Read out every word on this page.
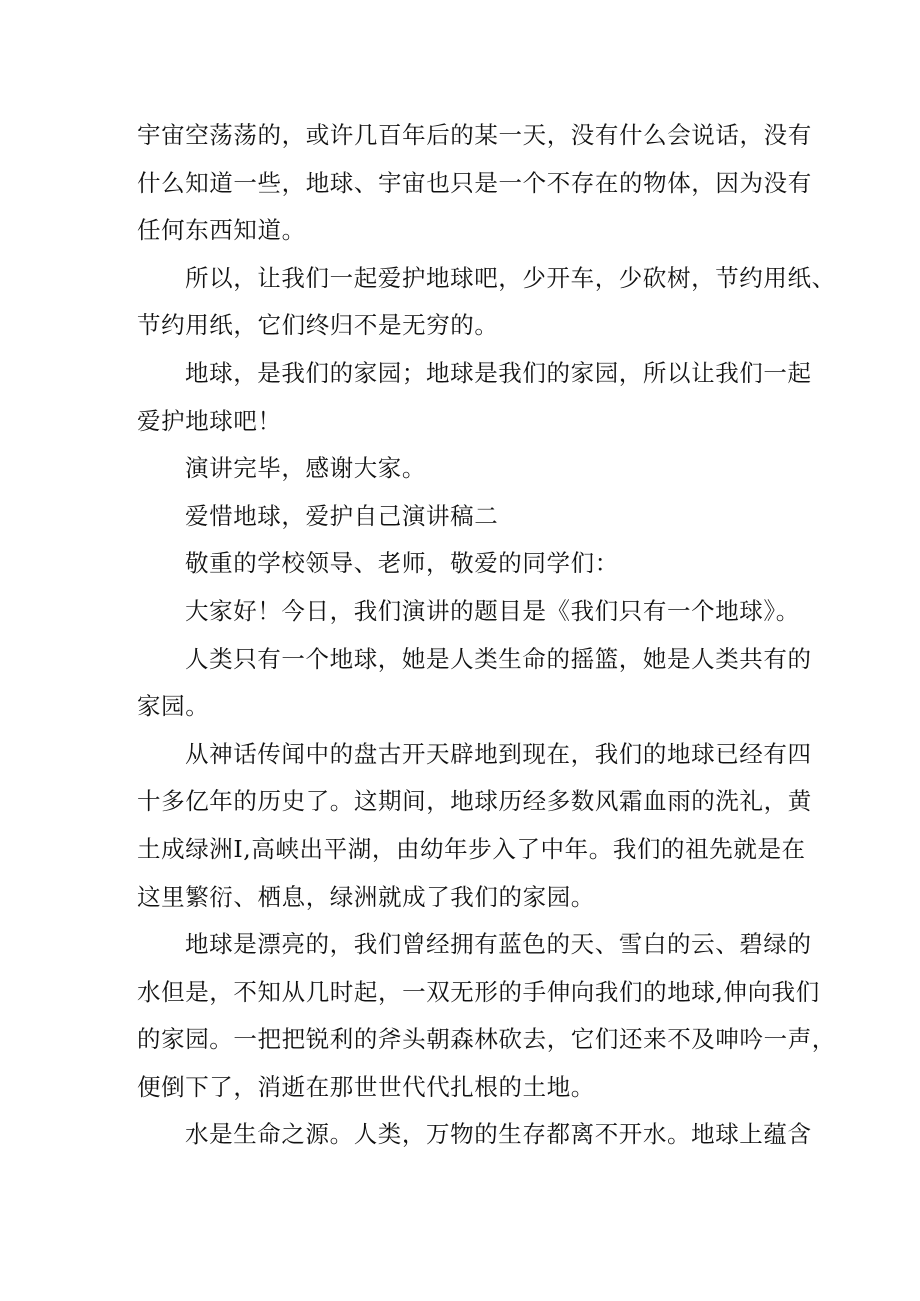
宇宙空荡荡的，或许几百年后的某一天，没有什么会说话，没有
什么知道一些，地球、宇宙也只是一个不存在的物体，因为没有
任何东西知道。

所以，让我们一起爱护地球吧，少开车，少砍树，节约用纸、
节约用纸，它们终归不是无穷的。

地球，是我们的家园；地球是我们的家园，所以让我们一起
爱护地球吧！

演讲完毕，感谢大家。

爱惜地球，爱护自己演讲稿二

敬重的学校领导、老师，敬爱的同学们：

大家好！今日，我们演讲的题目是《我们只有一个地球》。

人类只有一个地球，她是人类生命的摇篮，她是人类共有的
家园。

从神话传闻中的盘古开天辟地到现在，我们的地球已经有四
十多亿年的历史了。这期间，地球历经多数风霜血雨的洗礼，黄
土成绿洲I,高峡出平湖，由幼年步入了中年。我们的祖先就是在
这里繁衍、栖息，绿洲就成了我们的家园。

地球是漂亮的，我们曾经拥有蓝色的天、雪白的云、碧绿的
水但是，不知从几时起，一双无形的手伸向我们的地球,伸向我们
的家园。一把把锐利的斧头朝森林砍去，它们还来不及呻吟一声，
便倒下了，消逝在那世世代代扎根的土地。

水是生命之源。人类，万物的生存都离不开水。地球上蕴含
